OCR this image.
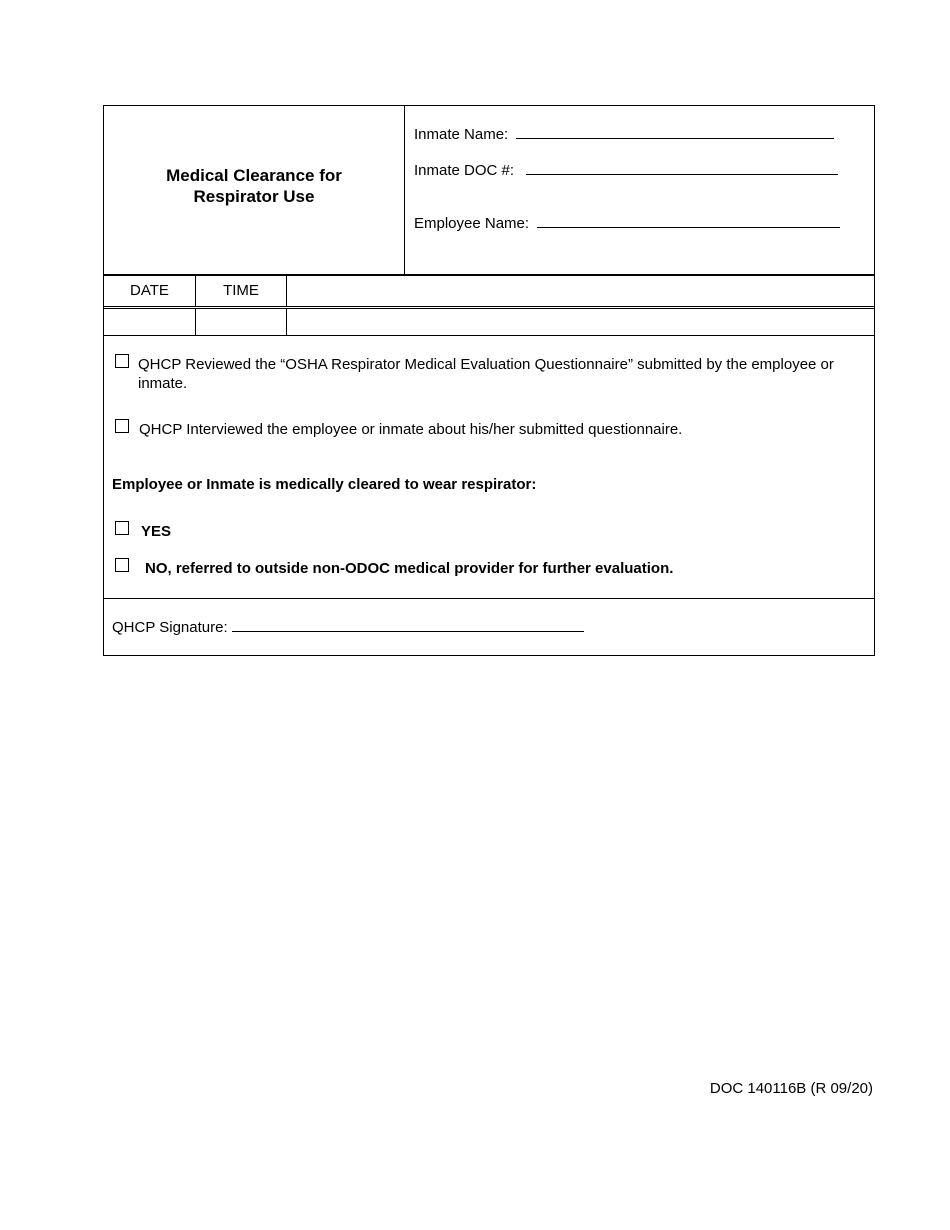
Medical Clearance for
Respirator Use
Inmate Name:
Inmate DOC #:
Employee Name:
DATE	TIME
QHCP Reviewed the “OSHA Respirator Medical Evaluation Questionnaire” submitted by the employee or
inmate.
QHCP Interviewed the employee or inmate about his/her submitted questionnaire.
Employee or Inmate is medically cleared to wear respirator:
YES
NO, referred to outside non-ODOC medical provider for further evaluation.
QHCP Signature:
DOC 140116B (R 09/20)
